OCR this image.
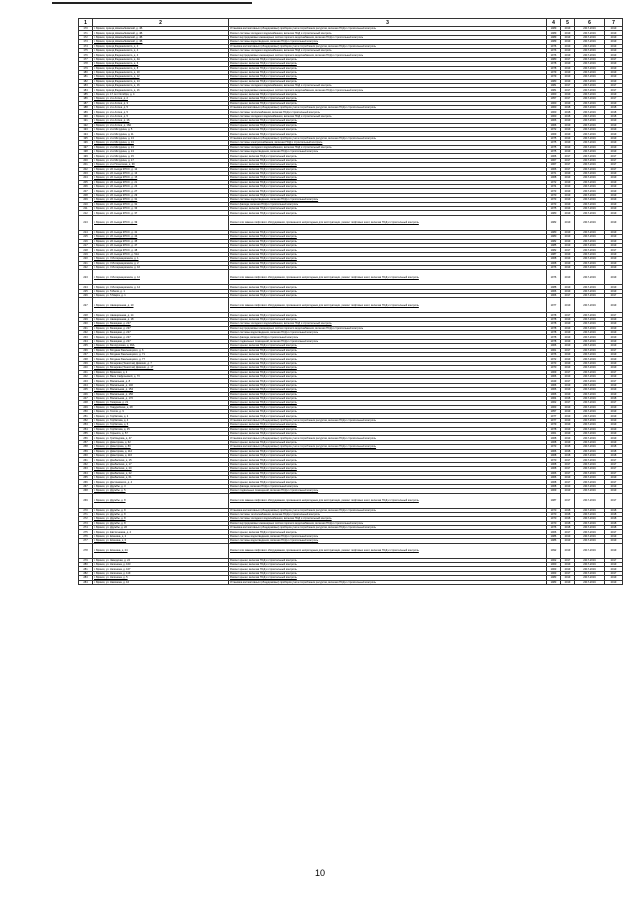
1	2	3	4	5	6	7
170	г. Брянск, проезд Новозыбковский, д. 4Б	Установка коллективных (общедомовых) приборов учета потребления ресурсов, включая ПСД и строительный контроль	1989	2019	2017-2019	2019
171	г. Брянск, проезд Новозыбковский, д. 4Б	Ремонт системы холодного водоснабжения, включая ПСД и строительный контроль	1989	2019	2017-2019	2019
172	г. Брянск, проезд Новозыбковский, д. 4Б	Ремонт внутридомовых инженерных систем горячего водоснабжения, включая ПСД и строительный контроль	1989	2019	2017-2019	2019
173	г. Брянск, проезд Новозыбковский, д. 4Б	Ремонт системы водоотведения, включая ПСД и строительный контроль	1989	2019	2017-2019	2019
174	г. Брянск, проезд Федюнинского, д. 4	Установка коллективных (общедомовых) приборов учета потребления ресурсов, включая ПСД и строительный контроль	1976	2019	2017-2019	2019
175	г. Брянск, проезд Федюнинского, д. 4	Ремонт системы холодного водоснабжения, включая ПСД и строительный контроль	1976	2019	2017-2019	2019
176	г. Брянск, проезд Федюнинского, д. 4	Ремонт внутридомовых инженерных систем горячего водоснабжения, включая ПСД и строительный контроль	1976	2019	2017-2019	2019
177	г. Брянск, проезд Федюнинского, д. 4А	Ремонт крыши, включая ПСД и строительный контроль	1980	2017	2017-2019	2017
178	г. Брянск, проезд Федюнинского, д. 6	Ремонт крыши, включая ПСД и строительный контроль	1978	2019	2017-2019	2019
179	г. Брянск, проезд Федюнинского, д. 8	Ремонт крыши, включая ПСД и строительный контроль	1978	2019	2017-2019	2019
180	г. Брянск, проезд Федюнинского, д. 10	Ремонт крыши, включая ПСД и строительный контроль	1979	2019	2017-2019	2019
181	г. Брянск, проезд Федюнинского, д. 12	Ремонт крыши, включая ПСД и строительный контроль	1979	2019	2017-2019	2019
182	г. Брянск, проезд Федюнинского, д. 14	Ремонт крыши, включая ПСД и строительный контроль	1980	2019	2017-2019	2019
183	г. Брянск, проезд Федюнинского, д. 16	Ремонт системы холодного водоснабжения, включая ПСД и строительный контроль	1981	2017	2017-2019	2017
184	г. Брянск, проезд Федюнинского, д. 16	Ремонт внутридомовых инженерных систем горячего водоснабжения, включая ПСД и строительный контроль	1981	2017	2017-2019	2017
185	г. Брянск, ул. 17 лет Октября, д. 4	Ремонт крыши, включая ПСД и строительный контроль	1960	2019	2017-2019	2019
186	г. Брянск, ул. 2-я Аллея, д. 2	Ремонт крыши, включая ПСД и строительный контроль	1957	2017	2017-2019	2017
187	г. Брянск, ул. 2-я Аллея, д. 3	Ремонт крыши, включая ПСД и строительный контроль	1960	2019	2017-2019	2019
188	г. Брянск, ул. 2-я Аллея, д. 5	Установка коллективных (общедомовых) приборов учета потребления ресурсов, включая ПСД и строительный контроль	1960	2018	2017-2019	2018
189	г. Брянск, ул. 2-я Аллея, д. 5	Ремонт системы теплоснабжения, включая ПСД и строительный контроль	1960	2018	2017-2019	2018
190	г. Брянск, ул. 2-я Аллея, д. 5	Ремонт системы холодного водоснабжения, включая ПСД и строительный контроль	1960	2018	2017-2019	2018
191	г. Брянск, ул. 2-я Аллея, д. 16	Ремонт крыши, включая ПСД и строительный контроль	1966	2019	2017-2019	2019
192	г. Брянск, ул. 2-я Аллея, д. 18А	Ремонт крыши, включая ПСД и строительный контроль	1966	2019	2017-2019	2019
193	г. Брянск, ул. 2-я Мичурина, д. 5	Ремонт крыши, включая ПСД и строительный контроль	1972	2019	2017-2019	2019
194	г. Брянск, ул. 2-я Мичурина, д. 11	Ремонт крыши, включая ПСД и строительный контроль	1969	2019	2017-2019	2019
195	г. Брянск, ул. 2-я Мичурина, д. 13	Установка коллективных (общедомовых) приборов учета потребления ресурсов, включая ПСД и строительный контроль	1975	2019	2017-2019	2019
196	г. Брянск, ул. 2-я Мичурина, д. 13	Ремонт системы электроснабжения, включая ПСД и строительный контроль	1975	2019	2017-2019	2019
197	г. Брянск, ул. 2-я Мичурина, д. 13	Ремонт системы холодного водоснабжения, включая ПСД и строительный контроль	1975	2019	2017-2019	2019
198	г. Брянск, ул. 2-я Мичурина, д. 13	Ремонт системы водоотведения, включая ПСД и строительный контроль	1975	2019	2017-2019	2019
199	г. Брянск, ул. 2-я Мичурина, д. 15	Ремонт крыши, включая ПСД и строительный контроль	1966	2017	2017-2019	2017
200	г. Брянск, ул. 2-я Мичурина, д. 17	Ремонт крыши, включая ПСД и строительный контроль	1967	2017	2017-2019	2017
201	г. Брянск, ул. 2-я Почепская, д. 39	Ремонт крыши, включая ПСД и строительный контроль	1967	2017	2017-2019	2017
202	г. Брянск, ул. 22 съезда КПСС, д. 12	Ремонт крыши, включая ПСД и строительный контроль	1966	2017	2017-2019	2017
203	г. Брянск, ул. 22 съезда КПСС, д. 13	Ремонт крыши, включая ПСД и строительный контроль	1971	2019	2017-2019	2019
204	г. Брянск, ул. 22 съезда КПСС, д. 15	Ремонт крыши, включая ПСД и строительный контроль	1968	2019	2017-2019	2019
205	г. Брянск, ул. 22 съезда КПСС, д. 21	Ремонт крыши, включая ПСД и строительный контроль	1972	2019	2017-2019	2019
206	г. Брянск, ул. 22 съезда КПСС, д. 23	Ремонт крыши, включая ПСД и строительный контроль	1974	2019	2017-2019	2019
207	г. Брянск, ул. 22 съезда КПСС, д. 27	Ремонт крыши, включая ПСД и строительный контроль	1973	2019	2017-2019	2019
208	г. Брянск, ул. 22 съезда КПСС, д. 29	Ремонт крыши, включая ПСД и строительный контроль	1970	2019	2017-2019	2019
209	г. Брянск, ул. 22 съезда КПСС, д. 31	Ремонт системы водоотведения, включая ПСД и строительный контроль	1973	2019	2017-2019	2019
210	г. Брянск, ул. 22 съезда КПСС, д. 31	Ремонт фасада, включая ПСД и строительный контроль	1973	2019	2017-2019	2019
211	г. Брянск, ул. 22 съезда КПСС, д. 33	Ремонт крыши, включая ПСД и строительный контроль	1975	2019	2017-2019	2019
212	г. Брянск, ул. 22 съезда КПСС, д. 37	Ремонт крыши, включая ПСД и строительный контроль	1980	2019	2017-2019	2019
213	г. Брянск, ул. 22 съезда КПСС, д. 39	Ремонт или замена лифтового оборудования, признанного непригодным для эксплуатации, ремонт лифтовых шахт, включая ПСД и строительный контроль	1982	2019	2017-2019	2019
214	г. Брянск, ул. 22 съезда КПСС, д. 41	Ремонт крыши, включая ПСД и строительный контроль	1980	2019	2017-2019	2019
215	г. Брянск, ул. 22 съезда КПСС, д. 43	Ремонт крыши, включая ПСД и строительный контроль	1980	2019	2017-2019	2019
216	г. Брянск, ул. 22 съезда КПСС, д. 45	Ремонт крыши, включая ПСД и строительный контроль	1982	2019	2017-2019	2019
217	г. Брянск, ул. 22 съезда КПСС, д. 47	Ремонт крыши, включая ПСД и строительный контроль	1985	2019	2017-2019	2019
218	г. Брянск, ул. 22 съезда КПСС, д. 48	Ремонт крыши, включая ПСД и строительный контроль	1982	2017	2017-2019	2017
219	г. Брянск, ул. 22 съезда КПСС, д. 51А	Ремонт крыши, включая ПСД и строительный контроль	1987	2019	2017-2019	2019
220	г. Брянск, ул. 3 Интернационала, д. 1	Ремонт крыши, включая ПСД и строительный контроль	1968	2019	2017-2019	2019
221	г. Брянск, ул. 3 Интернационала, д. 2	Ремонт крыши, включая ПСД и строительный контроль	1968	2019	2017-2019	2019
222	г. Брянск, ул. 3 Интернационала, д. 10	Ремонт крыши, включая ПСД и строительный контроль	1976	2019	2017-2019	2019
223	г. Брянск, ул. 3 Интернационала, д. 12	Ремонт или замена лифтового оборудования, признанного непригодным для эксплуатации, ремонт лифтовых шахт, включая ПСД и строительный контроль	1976	2019	2017-2019	2019
224	г. Брянск, ул. 3 Интернационала, д. 14	Ремонт крыши, включая ПСД и строительный контроль	1988	2019	2017-2019	2019
225	г. Брянск, ул. 5 Июля, д. 1	Ремонт крыши, включая ПСД и строительный контроль	1966	2019	2017-2019	2019
226	г. Брянск, ул. 5 Марта, д. 1	Ремонт крыши, включая ПСД и строительный контроль	1966	2017	2017-2019	2017
227	г. Брянск, ул. Авиационная, д. 10	Ремонт или замена лифтового оборудования, признанного непригодным для эксплуатации, ремонт лифтовых шахт, включая ПСД и строительный контроль	1977	2019	2017-2019	2019
228	г. Брянск, ул. Авиационная, д. 14	Ремонт крыши, включая ПСД и строительный контроль	1978	2017	2017-2019	2017
229	г. Брянск, ул. Авиационная, д. 18	Ремонт крыши, включая ПСД и строительный контроль	1978	2019	2017-2019	2019
230	г. Брянск, ул. Бежицкая, д. 227	Ремонт системы холодного водоснабжения, включая ПСД и строительный контроль	1978	2019	2017-2019	2019
231	г. Брянск, ул. Бежицкая, д. 227	Ремонт внутридомовых инженерных систем горячего водоснабжения, включая ПСД и строительный контроль	1978	2019	2017-2019	2019
232	г. Брянск, ул. Бежицкая, д. 227	Ремонт системы водоотведения, включая ПСД и строительный контроль	1978	2019	2017-2019	2019
233	г. Брянск, ул. Бежицкая, д. 227	Ремонт фасада, включая ПСД и строительный контроль	1978	2019	2017-2019	2019
234	г. Брянск, ул. Бежицкая, д. 227	Ремонт подвальных помещений, включая ПСД и строительный контроль	1978	2019	2017-2019	2019
235	г. Брянск, ул. Белорусская, д. 39А	Ремонт крыши, включая ПСД и строительный контроль	1966	2019	2017-2019	2019
236	г. Брянск, ул. Богдана Хмельницкого, д. 6	Ремонт крыши, включая ПСД и строительный контроль	1961	2017	2017-2019	2017
237	г. Брянск, ул. Богдана Хмельницкого, д. 71	Ремонт крыши, включая ПСД и строительный контроль	1976	2019	2017-2019	2019
238	г. Брянск, ул. Богдана Хмельницкого, д. 77	Ремонт крыши, включая ПСД и строительный контроль	1972	2019	2017-2019	2019
239	г. Брянск, ул. Бочарова (Тенистая) Дивизии, д. 7	Ремонт крыши, включая ПСД и строительный контроль	1973	2019	2017-2019	2019
240	г. Брянск, ул. Бочарова (Тенистая) Дивизии, д. 17	Ремонт крыши, включая ПСД и строительный контроль	1970	2019	2017-2019	2019
241	г. Брянск, ул. Брянская, д. 2	Ремонт крыши, включая ПСД и строительный контроль	1969	2017	2017-2019	2017
242	г. Брянск, ул. Вали Сафроновой, д. 73	Ремонт крыши, включая ПСД и строительный контроль	1966	2019	2017-2019	2019
243	г. Брянск, ул. Вокзальная, д. 8	Ремонт крыши, включая ПСД и строительный контроль	1949	2017	2017-2019	2017
244	г. Брянск, ул. Вокзальная, д. 140	Ремонт крыши, включая ПСД и строительный контроль	1966	2019	2017-2019	2019
245	г. Брянск, ул. Вокзальная, д. 154	Ремонт крыши, включая ПСД и строительный контроль	1966	2019	2017-2019	2019
246	г. Брянск, ул. Вокзальная, д. 156	Ремонт крыши, включая ПСД и строительный контроль	1966	2019	2017-2019	2019
247	г. Брянск, ул. Вокзальная, д. 170	Ремонт крыши, включая ПСД и строительный контроль	1964	2018	2017-2019	2018
248	г. Брянск, ул. Гагарина, д. 21	Ремонт крыши, включая ПСД и строительный контроль	1962	2017	2017-2019	2017
249	г. Брянск, ул. Гвардейская, д. 28	Ремонт крыши, включая ПСД и строительный контроль	1963	2019	2017-2019	2019
250	г. Брянск, ул. Гоголя, д. 9	Ремонт крыши, включая ПСД и строительный контроль	1957	2019	2017-2019	2019
251	г. Брянск, ул. Горбатова, д. 2	Ремонт крыши, включая ПСД и строительный контроль	1977	2019	2017-2019	2019
252	г. Брянск, ул. Горбатова, д. 4	Установка коллективных (общедомовых) приборов учета потребления ресурсов, включая ПСД и строительный контроль	1977	2019	2017-2019	2019
253	г. Брянск, ул. Горбатова, д. 6	Ремонт крыши, включая ПСД и строительный контроль	1979	2019	2017-2019	2019
254	г. Брянск, ул. Горбатова, д. 15	Ремонт крыши, включая ПСД и строительный контроль	1978	2019	2017-2019	2019
255	г. Брянск, ул. Горького, д. 57	Ремонт крыши, включая ПСД и строительный контроль	1961	2019	2017-2019	2019
256	г. Брянск, ул. Грибоедова, д. 47	Установка коллективных (общедомовых) приборов учета потребления ресурсов, включая ПСД и строительный контроль	1968	2019	2017-2019	2019
257	г. Брянск, ул. Димитрова, д. 62	Ремонт крыши, включая ПСД и строительный контроль	1968	2019	2017-2019	2019
258	г. Брянск, ул. Димитрова, д. 80	Установка коллективных (общедомовых) приборов учета потребления ресурсов, включая ПСД и строительный контроль	1973	2018	2017-2019	2018
259	г. Брянск, ул. Димитрова, д. 112	Ремонт крыши, включая ПСД и строительный контроль	1966	2018	2017-2019	2018
260	г. Брянск, ул. Димитрова, д. 116	Ремонт крыши, включая ПСД и строительный контроль	1968	2018	2017-2019	2018
261	г. Брянск, ул. Донбасская, д. 15	Ремонт крыши, включая ПСД и строительный контроль	1970	2017	2017-2019	2017
262	г. Брянск, ул. Донбасская, д. 17	Ремонт крыши, включая ПСД и строительный контроль	1968	2017	2017-2019	2017
263	г. Брянск, ул. Донбасская, д. 20	Ремонт крыши, включая ПСД и строительный контроль	1968	2017	2017-2019	2017
264	г. Брянск, ул. Донбасская, д. 22	Ремонт крыши, включая ПСД и строительный контроль	1966	2017	2017-2019	2017
265	г. Брянск, ул. Донбасская, д. 61	Ремонт крыши, включая ПСД и строительный контроль	1966	2019	2017-2019	2019
266	г. Брянск, ул. Достоевского, д. 4	Ремонт крыши, включая ПСД и строительный контроль	1968	2017	2017-2019	2017
267	г. Брянск, ул. Дружбы, д. 3	Ремонт фасада, включая ПСД и строительный контроль	1968	2019	2017-2019	2019
268	г. Брянск, ул. Дружбы, д. 5	Ремонт подвальных помещений, включая ПСД и строительный контроль	1969	2019	2017-2019	2019
269	г. Брянск, ул. Дружбы, д. 8	Ремонт или замена лифтового оборудования, признанного непригодным для эксплуатации, ремонт лифтовых шахт, включая ПСД и строительный контроль	1987	2017	2017-2019	2017
270	г. Брянск, ул. Дружбы, д. 8	Установка коллективных (общедомовых) приборов учета потребления ресурсов, включая ПСД и строительный контроль	1970	2018	2017-2019	2018
271	г. Брянск, ул. Дружбы, д. 8	Ремонт системы теплоснабжения, включая ПСД и строительный контроль	1970	2018	2017-2019	2018
272	г. Брянск, ул. Дружбы, д. 8	Ремонт системы холодного водоснабжения, включая ПСД и строительный контроль	1970	2018	2017-2019	2018
273	г. Брянск, ул. Дружбы, д. 8	Ремонт внутридомовых инженерных систем горячего водоснабжения, включая ПСД и строительный контроль	1970	2018	2017-2019	2018
274	г. Брянск, ул. Дружбы, д. 22	Установка коллективных (общедомовых) приборов учета потребления ресурсов, включая ПСД и строительный контроль	1976	2018	2017-2019	2018
275	г. Брянск, ул. Евстигнеева, д. 4	Ремонт крыши, включая ПСД и строительный контроль	1966	2017	2017-2019	2017
276	г. Брянск, ул. Есенина, д. 2	Ремонт системы водоотведения, включая ПСД и строительный контроль	1986	2019	2017-2019	2019
277	г. Брянск, ул. Есенина, д. 6	Ремонт системы водоотведения, включая ПСД и строительный контроль	1986	2019	2017-2019	2019
278	г. Брянск, ул. Есенина, д. 24	Ремонт или замена лифтового оборудования, признанного непригодным для эксплуатации, ремонт лифтовых шахт, включая ПСД и строительный контроль	1992	2019	2017-2019	2019
279	г. Брянск, ул. Заводская, д. 24	Ремонт крыши, включая ПСД и строительный контроль	1962	2017	2017-2019	2017
280	г. Брянск, ул. Калинина, д. 103	Ремонт крыши, включая ПСД и строительный контроль	1960	2019	2017-2019	2019
281	г. Брянск, ул. Калинина, д. 107	Ремонт крыши, включая ПСД и строительный контроль	1963	2019	2017-2019	2019
282	г. Брянск, ул. Калинина, д. 119	Ремонт крыши, включая ПСД и строительный контроль	1963	2017	2017-2019	2017
283	г. Брянск, ул. Калинина, д. 5	Ремонт крыши, включая ПСД и строительный контроль	1983	2019	2017-2019	2019
284	г. Брянск, ул. Камозина, д. 10	Установка коллективных (общедомовых) приборов учета потребления ресурсов, включая ПСД и строительный контроль	1983	2019	2017-2019	2019
10
